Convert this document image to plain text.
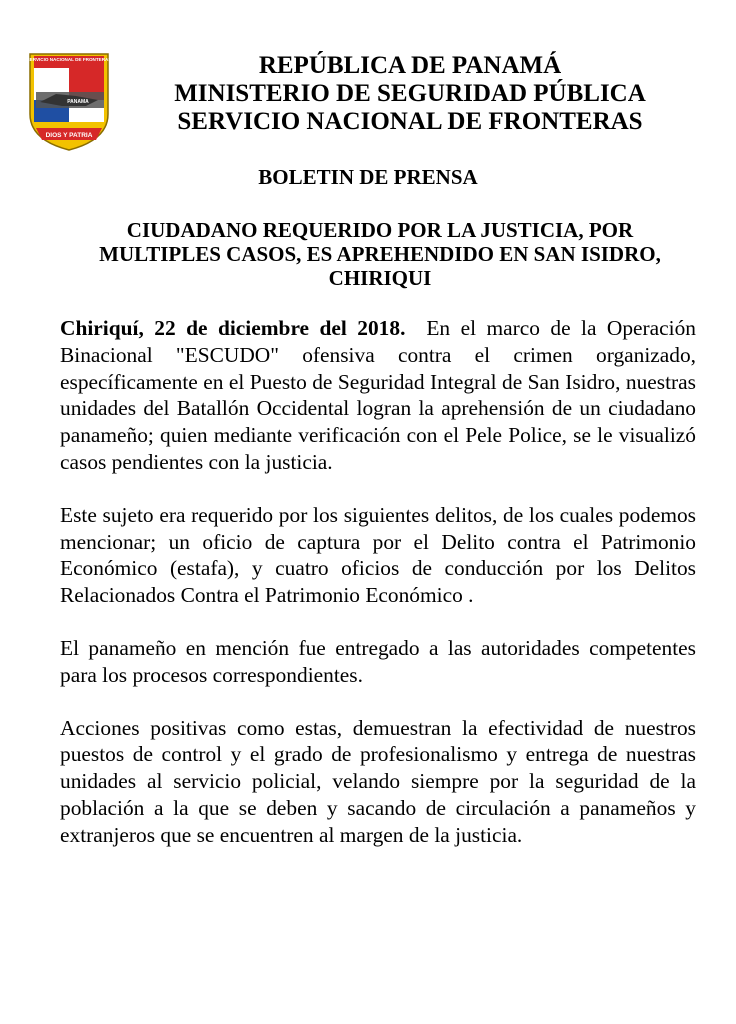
SERVICIO NACIONAL DE FRONTERAS
PANAMA
DIOS Y PATRIA
REPÚBLICA DE PANAMÁ
MINISTERIO DE SEGURIDAD PÚBLICA
SERVICIO NACIONAL DE FRONTERAS
BOLETIN DE PRENSA
CIUDADANO REQUERIDO POR LA JUSTICIA, POR
MULTIPLES CASOS, ES APREHENDIDO EN SAN ISIDRO,
CHIRIQUI

Chiriquí, 22 de diciembre del 2018. En el marco de la Operación Binacional "ESCUDO" ofensiva contra el crimen organizado, específicamente en el Puesto de Seguridad Integral de San Isidro, nuestras unidades del Batallón Occidental logran la aprehensión de un ciudadano panameño; quien mediante verificación con el Pele Police, se le visualizó casos pendientes con la justicia.

Este sujeto era requerido por los siguientes delitos, de los cuales podemos mencionar; un oficio de captura por el Delito contra el Patrimonio Económico (estafa), y cuatro oficios de conducción por los Delitos Relacionados Contra el Patrimonio Económico .

El panameño en mención fue entregado a las autoridades competentes para los procesos correspondientes.

Acciones positivas como estas, demuestran la efectividad de nuestros puestos de control y el grado de profesionalismo y entrega de nuestras unidades al servicio policial, velando siempre por la seguridad de la población a la que se deben y sacando de circulación a panameños y extranjeros que se encuentren al margen de la justicia.
